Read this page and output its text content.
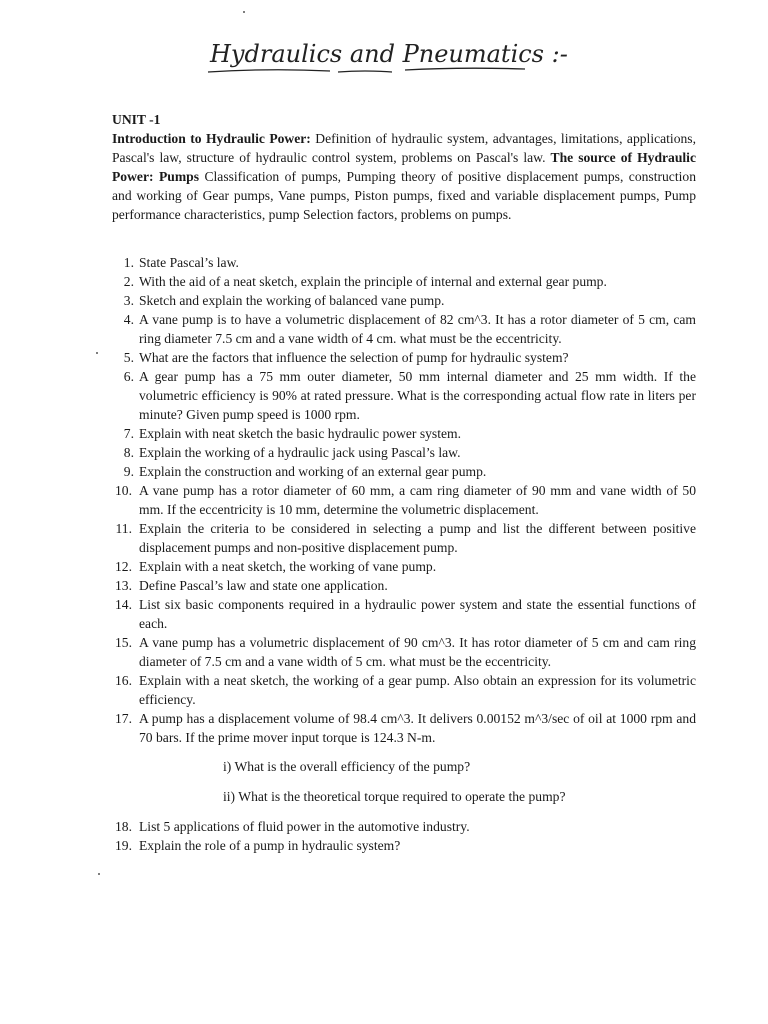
Hydraulics and Pneumatics :-

UNIT -1

Introduction to Hydraulic Power: Definition of hydraulic system, advantages, limitations, applications, Pascal's law, structure of hydraulic control system, problems on Pascal's law. The source of Hydraulic Power: Pumps Classification of pumps, Pumping theory of positive displacement pumps, construction and working of Gear pumps, Vane pumps, Piston pumps, fixed and variable displacement pumps, Pump performance characteristics, pump Selection factors, problems on pumps.

1. State Pascal’s law.
2. With the aid of a neat sketch, explain the principle of internal and external gear pump.
3. Sketch and explain the working of balanced vane pump.
4. A vane pump is to have a volumetric displacement of 82 cm^3. It has a rotor diameter of 5 cm, cam ring diameter 7.5 cm and a vane width of 4 cm. what must be the eccentricity.
5. What are the factors that influence the selection of pump for hydraulic system?
6. A gear pump has a 75 mm outer diameter, 50 mm internal diameter and 25 mm width. If the volumetric efficiency is 90% at rated pressure. What is the corresponding actual flow rate in liters per minute? Given pump speed is 1000 rpm.
7. Explain with neat sketch the basic hydraulic power system.
8. Explain the working of a hydraulic jack using Pascal’s law.
9. Explain the construction and working of an external gear pump.
10. A vane pump has a rotor diameter of 60 mm, a cam ring diameter of 90 mm and vane width of 50 mm. If the eccentricity is 10 mm, determine the volumetric displacement.
11. Explain the criteria to be considered in selecting a pump and list the different between positive displacement pumps and non-positive displacement pump.
12. Explain with a neat sketch, the working of vane pump.
13. Define Pascal’s law and state one application.
14. List six basic components required in a hydraulic power system and state the essential functions of each.
15. A vane pump has a volumetric displacement of 90 cm^3. It has rotor diameter of 5 cm and cam ring diameter of 7.5 cm and a vane width of 5 cm. what must be the eccentricity.
16. Explain with a neat sketch, the working of a gear pump. Also obtain an expression for its volumetric efficiency.
17. A pump has a displacement volume of 98.4 cm^3. It delivers 0.00152 m^3/sec of oil at 1000 rpm and 70 bars. If the prime mover input torque is 124.3 N-m.
i) What is the overall efficiency of the pump?
ii) What is the theoretical torque required to operate the pump?
18. List 5 applications of fluid power in the automotive industry.
19. Explain the role of a pump in hydraulic system?
